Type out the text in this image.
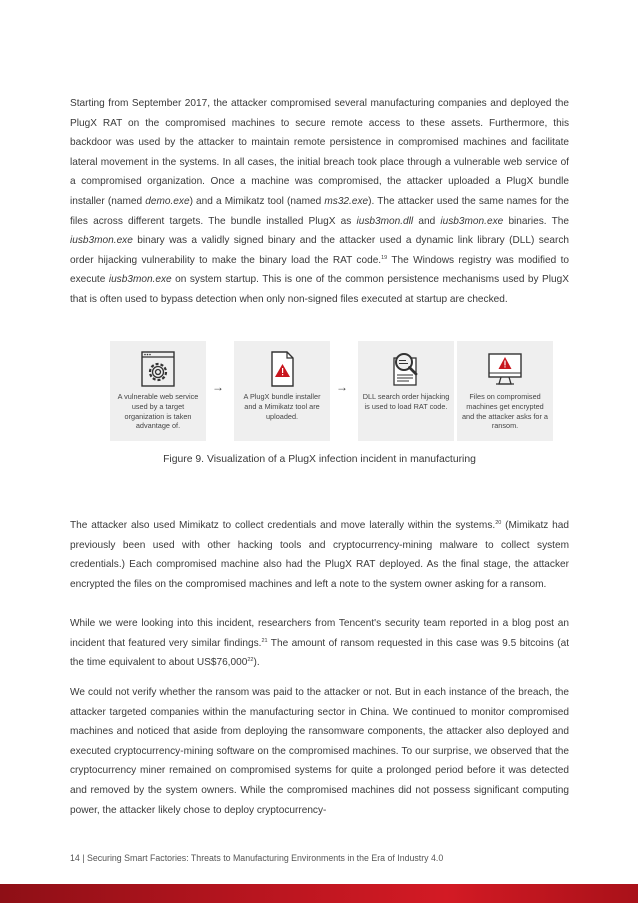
Starting from September 2017, the attacker compromised several manufacturing companies and deployed the PlugX RAT on the compromised machines to secure remote access to these assets. Furthermore, this backdoor was used by the attacker to maintain remote persistence in compromised machines and facilitate lateral movement in the systems. In all cases, the initial breach took place through a vulnerable web service of a compromised organization. Once a machine was compromised, the attacker uploaded a PlugX bundle installer (named demo.exe) and a Mimikatz tool (named ms32.exe). The attacker used the same names for the files across different targets. The bundle installed PlugX as iusb3mon.dll and iusb3mon.exe binaries. The iusb3mon.exe binary was a validly signed binary and the attacker used a dynamic link library (DLL) search order hijacking vulnerability to make the binary load the RAT code.$^{19}$ The Windows registry was modified to execute iusb3mon.exe on system startup. This is one of the common persistence mechanisms used by PlugX that is often used to bypass detection when only non-signed files executed at startup are checked.

A vulnerable web service used by a target organization is taken advantage of.
→
A PlugX bundle installer and a Mimikatz tool are uploaded.
→
DLL search order hijacking is used to load RAT code.
Files on compromised machines get encrypted and the attacker asks for a ransom.
Figure 9. Visualization of a PlugX infection incident in manufacturing

The attacker also used Mimikatz to collect credentials and move laterally within the systems.$^{20}$ (Mimikatz had previously been used with other hacking tools and cryptocurrency-mining malware to collect system credentials.) Each compromised machine also had the PlugX RAT deployed. As the final stage, the attacker encrypted the files on the compromised machines and left a note to the system owner asking for a ransom.

While we were looking into this incident, researchers from Tencent's security team reported in a blog post an incident that featured very similar findings.$^{21}$ The amount of ransom requested in this case was 9.5 bitcoins (at the time equivalent to about US$76,000$^{22}$).

We could not verify whether the ransom was paid to the attacker or not. But in each instance of the breach, the attacker targeted companies within the manufacturing sector in China. We continued to monitor compromised machines and noticed that aside from deploying the ransomware components, the attacker also deployed and executed cryptocurrency-mining software on the compromised machines. To our surprise, we observed that the cryptocurrency miner remained on compromised systems for quite a prolonged period before it was detected and removed by the system owners. While the compromised machines did not possess significant computing power, the attacker likely chose to deploy cryptocurrency-

14 | Securing Smart Factories: Threats to Manufacturing Environments in the Era of Industry 4.0
